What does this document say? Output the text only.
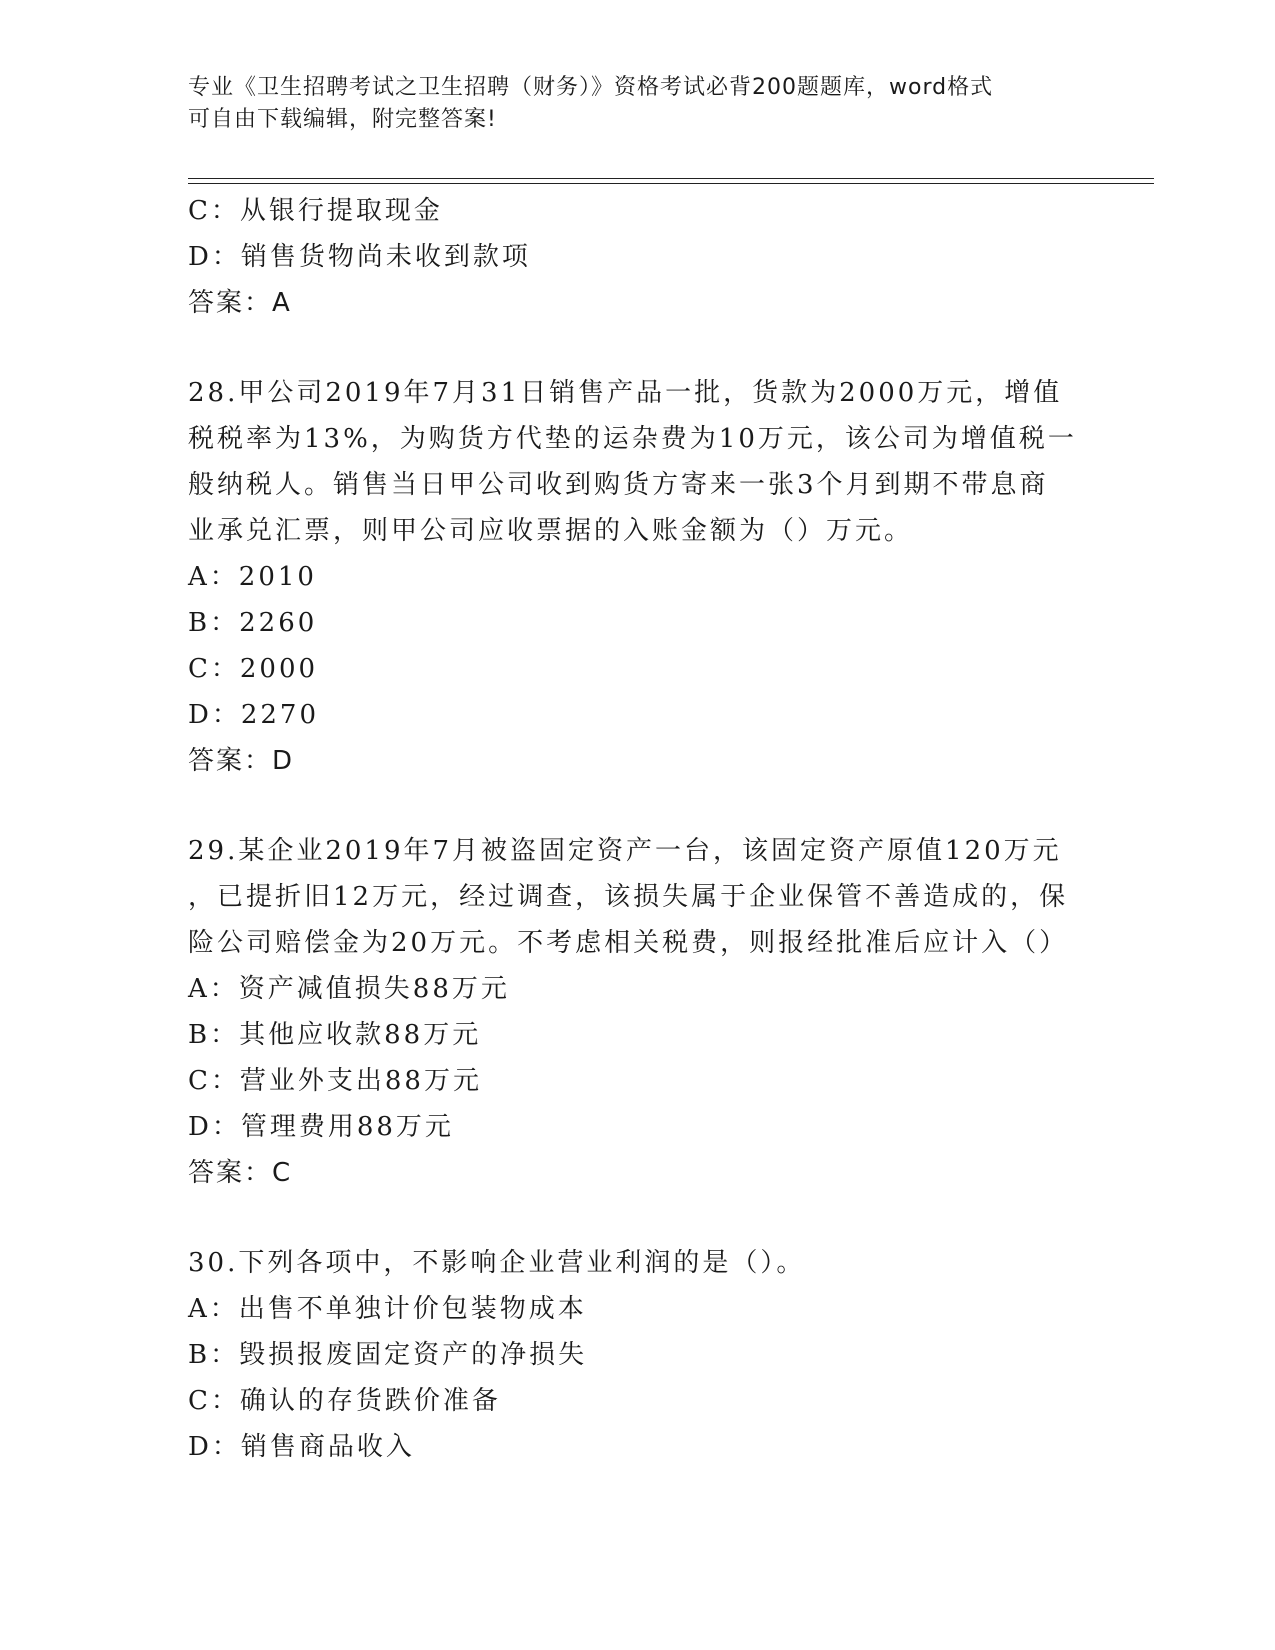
专业《卫生招聘考试之卫生招聘（财务）》资格考试必背200题题库，word格式
可自由下载编辑，附完整答案!
C：从银行提取现金
D：销售货物尚未收到款项
答案：A
28.甲公司2019年7月31日销售产品一批，货款为2000万元，增值
税税率为13%，为购货方代垫的运杂费为10万元，该公司为增值税一
般纳税人。销售当日甲公司收到购货方寄来一张3个月到期不带息商
业承兑汇票，则甲公司应收票据的入账金额为（）万元。
A：2010
B：2260
C：2000
D：2270
答案：D
29.某企业2019年7月被盗固定资产一台，该固定资产原值120万元
，已提折旧12万元，经过调查，该损失属于企业保管不善造成的，保
险公司赔偿金为20万元。不考虑相关税费，则报经批准后应计入（）
A：资产减值损失88万元
B：其他应收款88万元
C：营业外支出88万元
D：管理费用88万元
答案：C
30.下列各项中，不影响企业营业利润的是（）。
A：出售不单独计价包装物成本
B：毁损报废固定资产的净损失
C：确认的存货跌价准备
D：销售商品收入
